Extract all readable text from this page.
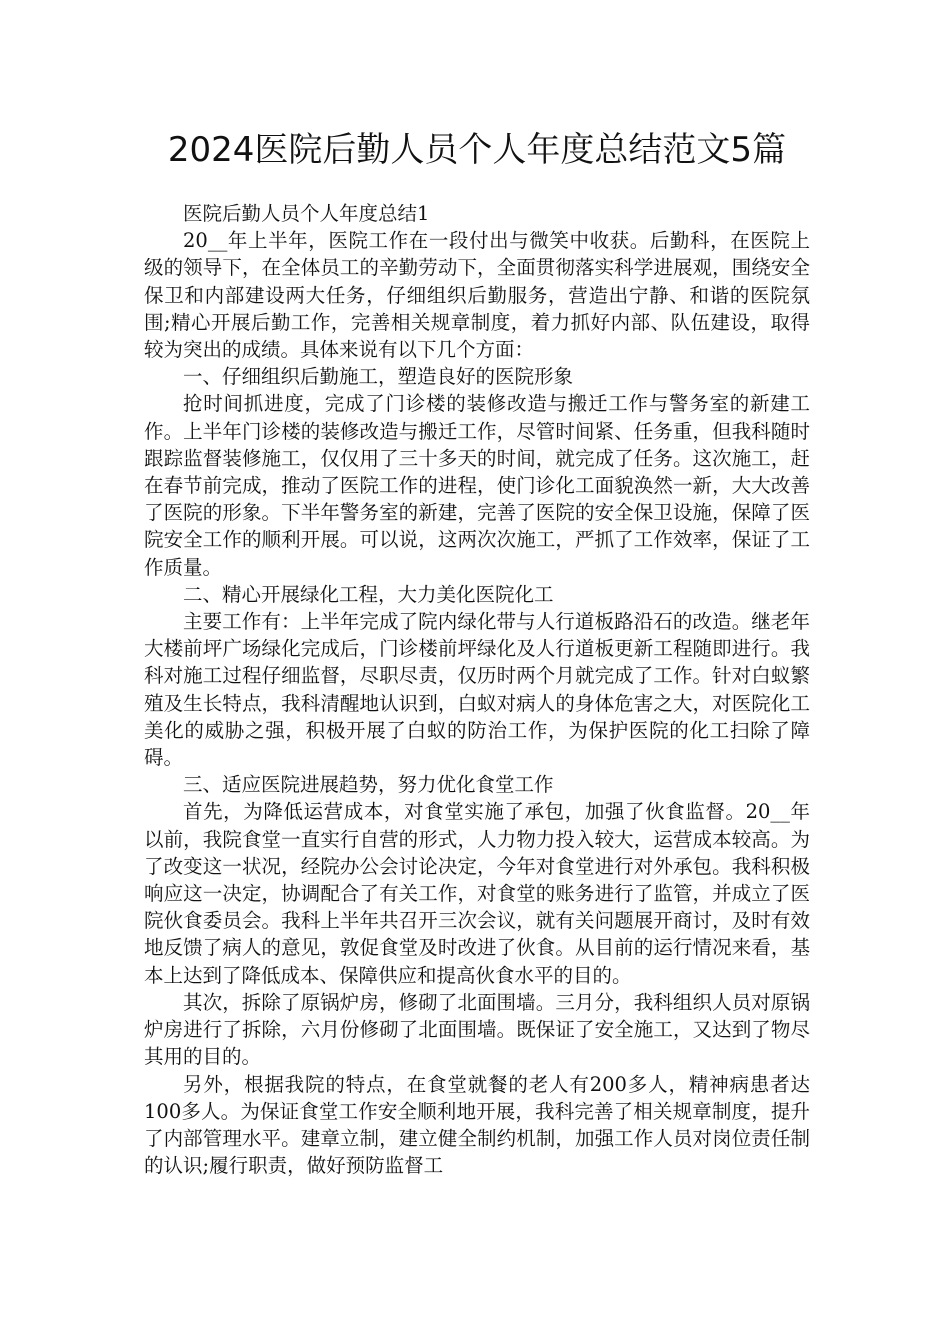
2024医院后勤人员个人年度总结范文5篇

医院后勤人员个人年度总结1

20__年上半年，医院工作在一段付出与微笑中收获。后勤科，在医院上级的领导下，在全体员工的辛勤劳动下，全面贯彻落实科学进展观，围绕安全保卫和内部建设两大任务，仔细组织后勤服务，营造出宁静、和谐的医院氛围;精心开展后勤工作，完善相关规章制度，着力抓好内部、队伍建设，取得较为突出的成绩。具体来说有以下几个方面：

一、仔细组织后勤施工，塑造良好的医院形象

抢时间抓进度，完成了门诊楼的装修改造与搬迁工作与警务室的新建工作。上半年门诊楼的装修改造与搬迁工作，尽管时间紧、任务重，但我科随时跟踪监督装修施工，仅仅用了三十多天的时间，就完成了任务。这次施工，赶在春节前完成，推动了医院工作的进程，使门诊化工面貌涣然一新，大大改善了医院的形象。下半年警务室的新建，完善了医院的安全保卫设施，保障了医院安全工作的顺利开展。可以说，这两次次施工，严抓了工作效率，保证了工作质量。

二、精心开展绿化工程，大力美化医院化工

主要工作有：上半年完成了院内绿化带与人行道板路沿石的改造。继老年大楼前坪广场绿化完成后，门诊楼前坪绿化及人行道板更新工程随即进行。我科对施工过程仔细监督，尽职尽责，仅历时两个月就完成了工作。针对白蚁繁殖及生长特点，我科清醒地认识到，白蚁对病人的身体危害之大，对医院化工美化的威胁之强，积极开展了白蚁的防治工作，为保护医院的化工扫除了障碍。

三、适应医院进展趋势，努力优化食堂工作

首先，为降低运营成本，对食堂实施了承包，加强了伙食监督。20__年以前，我院食堂一直实行自营的形式，人力物力投入较大，运营成本较高。为了改变这一状况，经院办公会讨论决定，今年对食堂进行对外承包。我科积极响应这一决定，协调配合了有关工作，对食堂的账务进行了监管，并成立了医院伙食委员会。我科上半年共召开三次会议，就有关问题展开商讨，及时有效地反馈了病人的意见，敦促食堂及时改进了伙食。从目前的运行情况来看，基本上达到了降低成本、保障供应和提高伙食水平的目的。

其次，拆除了原锅炉房，修砌了北面围墙。三月分，我科组织人员对原锅炉房进行了拆除，六月份修砌了北面围墙。既保证了安全施工，又达到了物尽其用的目的。

另外，根据我院的特点，在食堂就餐的老人有200多人，精神病患者达100多人。为保证食堂工作安全顺利地开展，我科完善了相关规章制度，提升了内部管理水平。建章立制，建立健全制约机制，加强工作人员对岗位责任制的认识;履行职责，做好预防监督工
